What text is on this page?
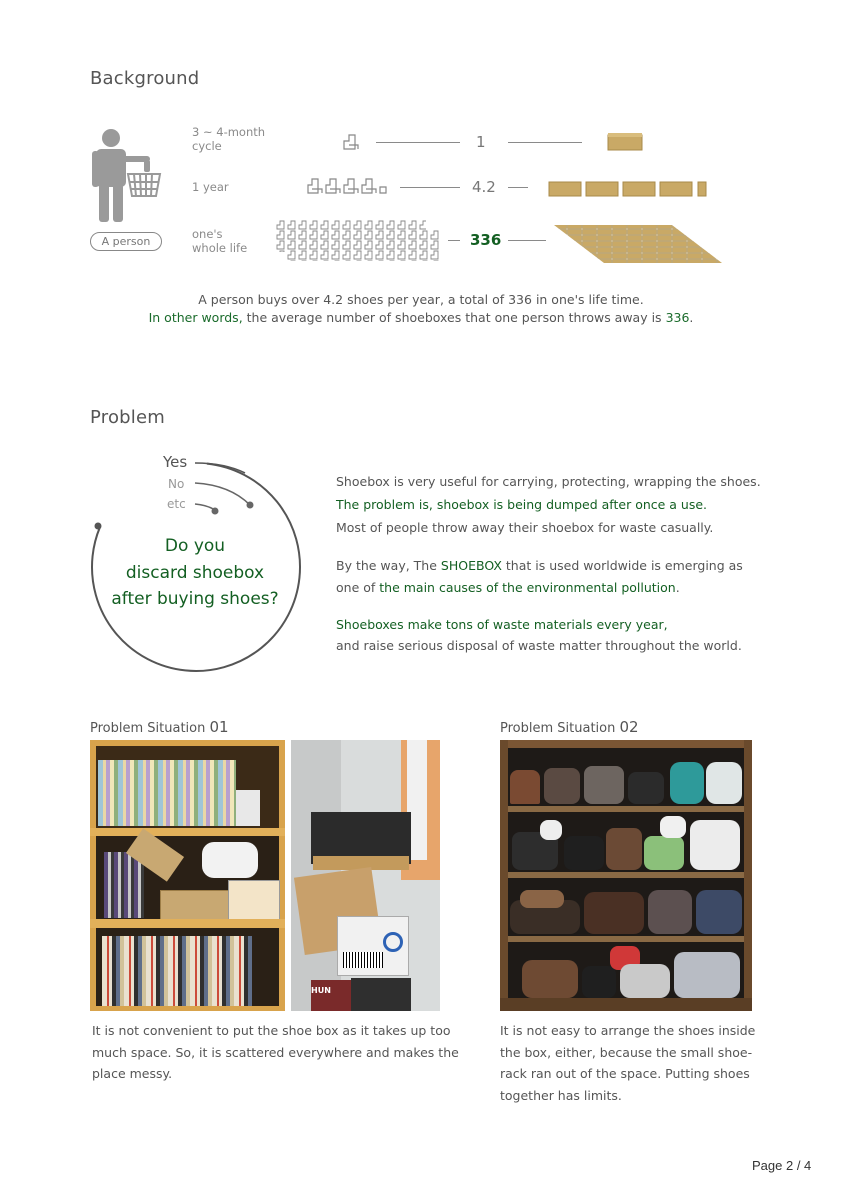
Background
A person
3 ~ 4-month
cycle
1 year
one's
whole life
1
4.2
336
A person buys over 4.2 shoes per year, a total of 336 in one's life time.
In other words, the average number of shoeboxes that one person throws away is 336.
Problem
Yes
No
etc
Do you
discard shoebox
after buying shoes?
Shoebox is very useful for carrying, protecting, wrapping the shoes.
The problem is, shoebox is being dumped after once a use.
Most of people throw away their shoebox for waste casually.
By the way, The SHOEBOX that is used worldwide is emerging as
one of the main causes of the environmental pollution.
Shoeboxes make tons of waste materials every year,
and raise serious disposal of waste matter throughout the world.
Problem Situation 01	Problem Situation 02
HUN
It is not convenient to put the shoe box as it takes up too
much space. So, it is scattered everywhere and makes the
place messy.
It is not easy to arrange the shoes inside
the box, either, because the small shoe-
rack ran out of the space. Putting shoes
together has limits.
Page 2 / 4
